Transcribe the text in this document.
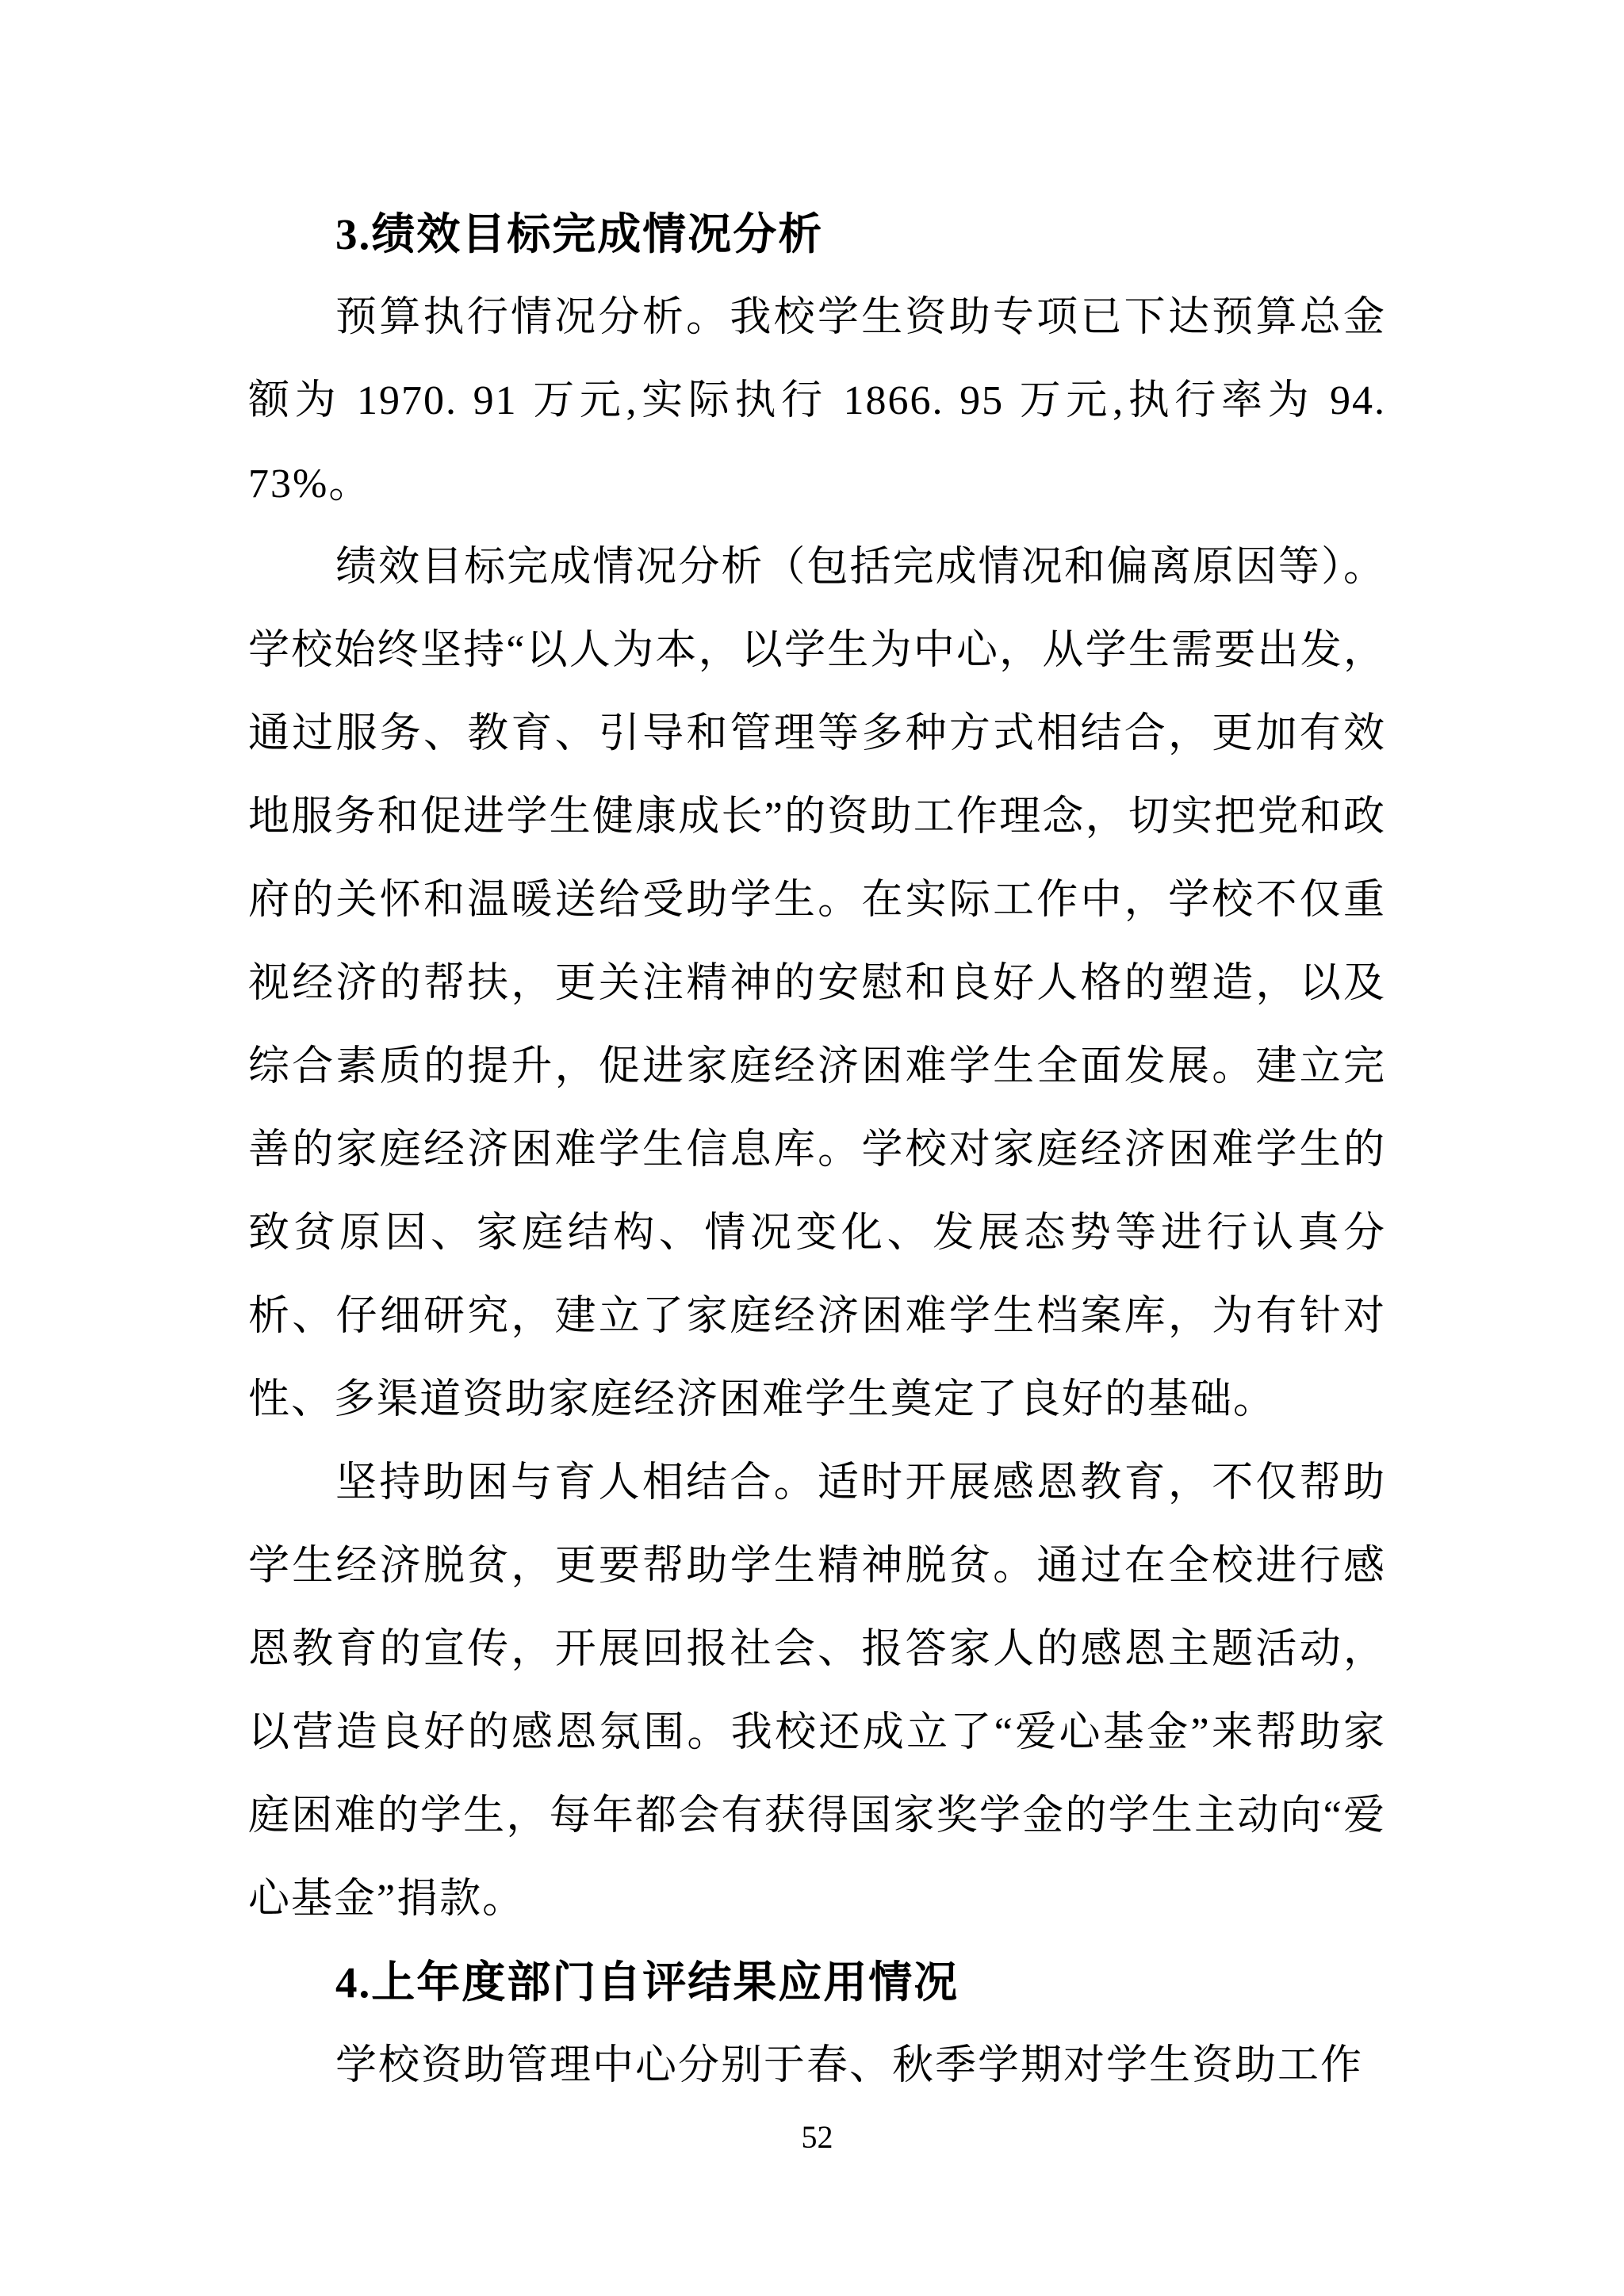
3.绩效目标完成情况分析

预算执行情况分析。我校学生资助专项已下达预算总金额为 1970. 91 万元,实际执行 1866. 95 万元,执行率为 94. 73%。

绩效目标完成情况分析（包括完成情况和偏离原因等）。学校始终坚持“以人为本，以学生为中心，从学生需要出发，通过服务、教育、引导和管理等多种方式相结合，更加有效地服务和促进学生健康成长”的资助工作理念，切实把党和政府的关怀和温暖送给受助学生。在实际工作中，学校不仅重视经济的帮扶，更关注精神的安慰和良好人格的塑造，以及综合素质的提升，促进家庭经济困难学生全面发展。建立完善的家庭经济困难学生信息库。学校对家庭经济困难学生的致贫原因、家庭结构、情况变化、发展态势等进行认真分析、仔细研究，建立了家庭经济困难学生档案库，为有针对性、多渠道资助家庭经济困难学生奠定了良好的基础。

坚持助困与育人相结合。适时开展感恩教育，不仅帮助学生经济脱贫，更要帮助学生精神脱贫。通过在全校进行感恩教育的宣传，开展回报社会、报答家人的感恩主题活动，以营造良好的感恩氛围。我校还成立了“爱心基金”来帮助家庭困难的学生，每年都会有获得国家奖学金的学生主动向“爱心基金”捐款。

4.上年度部门自评结果应用情况

学校资助管理中心分别于春、秋季学期对学生资助工作

52
